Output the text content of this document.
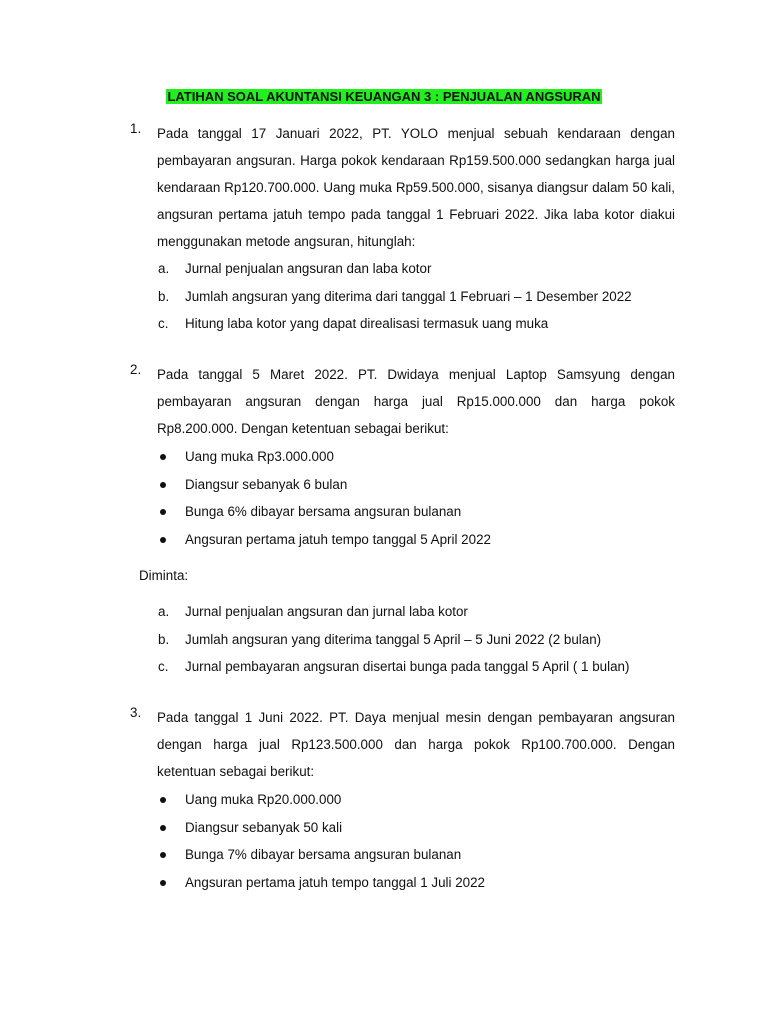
LATIHAN SOAL AKUNTANSI KEUANGAN 3 : PENJUALAN ANGSURAN
1. Pada tanggal 17 Januari 2022, PT. YOLO menjual sebuah kendaraan dengan pembayaran angsuran. Harga pokok kendaraan Rp159.500.000 sedangkan harga jual kendaraan Rp120.700.000. Uang muka Rp59.500.000, sisanya diangsur dalam 50 kali, angsuran pertama jatuh tempo pada tanggal 1 Februari 2022. Jika laba kotor diakui menggunakan metode angsuran, hitunglah:
a. Jurnal penjualan angsuran dan laba kotor
b. Jumlah angsuran yang diterima dari tanggal 1 Februari – 1 Desember 2022
c. Hitung laba kotor yang dapat direalisasi termasuk uang muka
2. Pada tanggal 5 Maret 2022. PT. Dwidaya menjual Laptop Samsyung dengan pembayaran angsuran dengan harga jual Rp15.000.000 dan harga pokok Rp8.200.000. Dengan ketentuan sebagai berikut:
Uang muka Rp3.000.000
Diangsur sebanyak 6 bulan
Bunga 6% dibayar bersama angsuran bulanan
Angsuran pertama jatuh tempo tanggal 5 April 2022
Diminta:
a. Jurnal penjualan angsuran dan jurnal laba kotor
b. Jumlah angsuran yang diterima tanggal 5 April – 5 Juni 2022 (2 bulan)
c. Jurnal pembayaran angsuran disertai bunga pada tanggal 5 April ( 1 bulan)
3. Pada tanggal 1 Juni 2022. PT. Daya menjual mesin dengan pembayaran angsuran dengan harga jual Rp123.500.000 dan harga pokok Rp100.700.000. Dengan ketentuan sebagai berikut:
Uang muka Rp20.000.000
Diangsur sebanyak 50 kali
Bunga 7% dibayar bersama angsuran bulanan
Angsuran pertama jatuh tempo tanggal 1 Juli 2022
